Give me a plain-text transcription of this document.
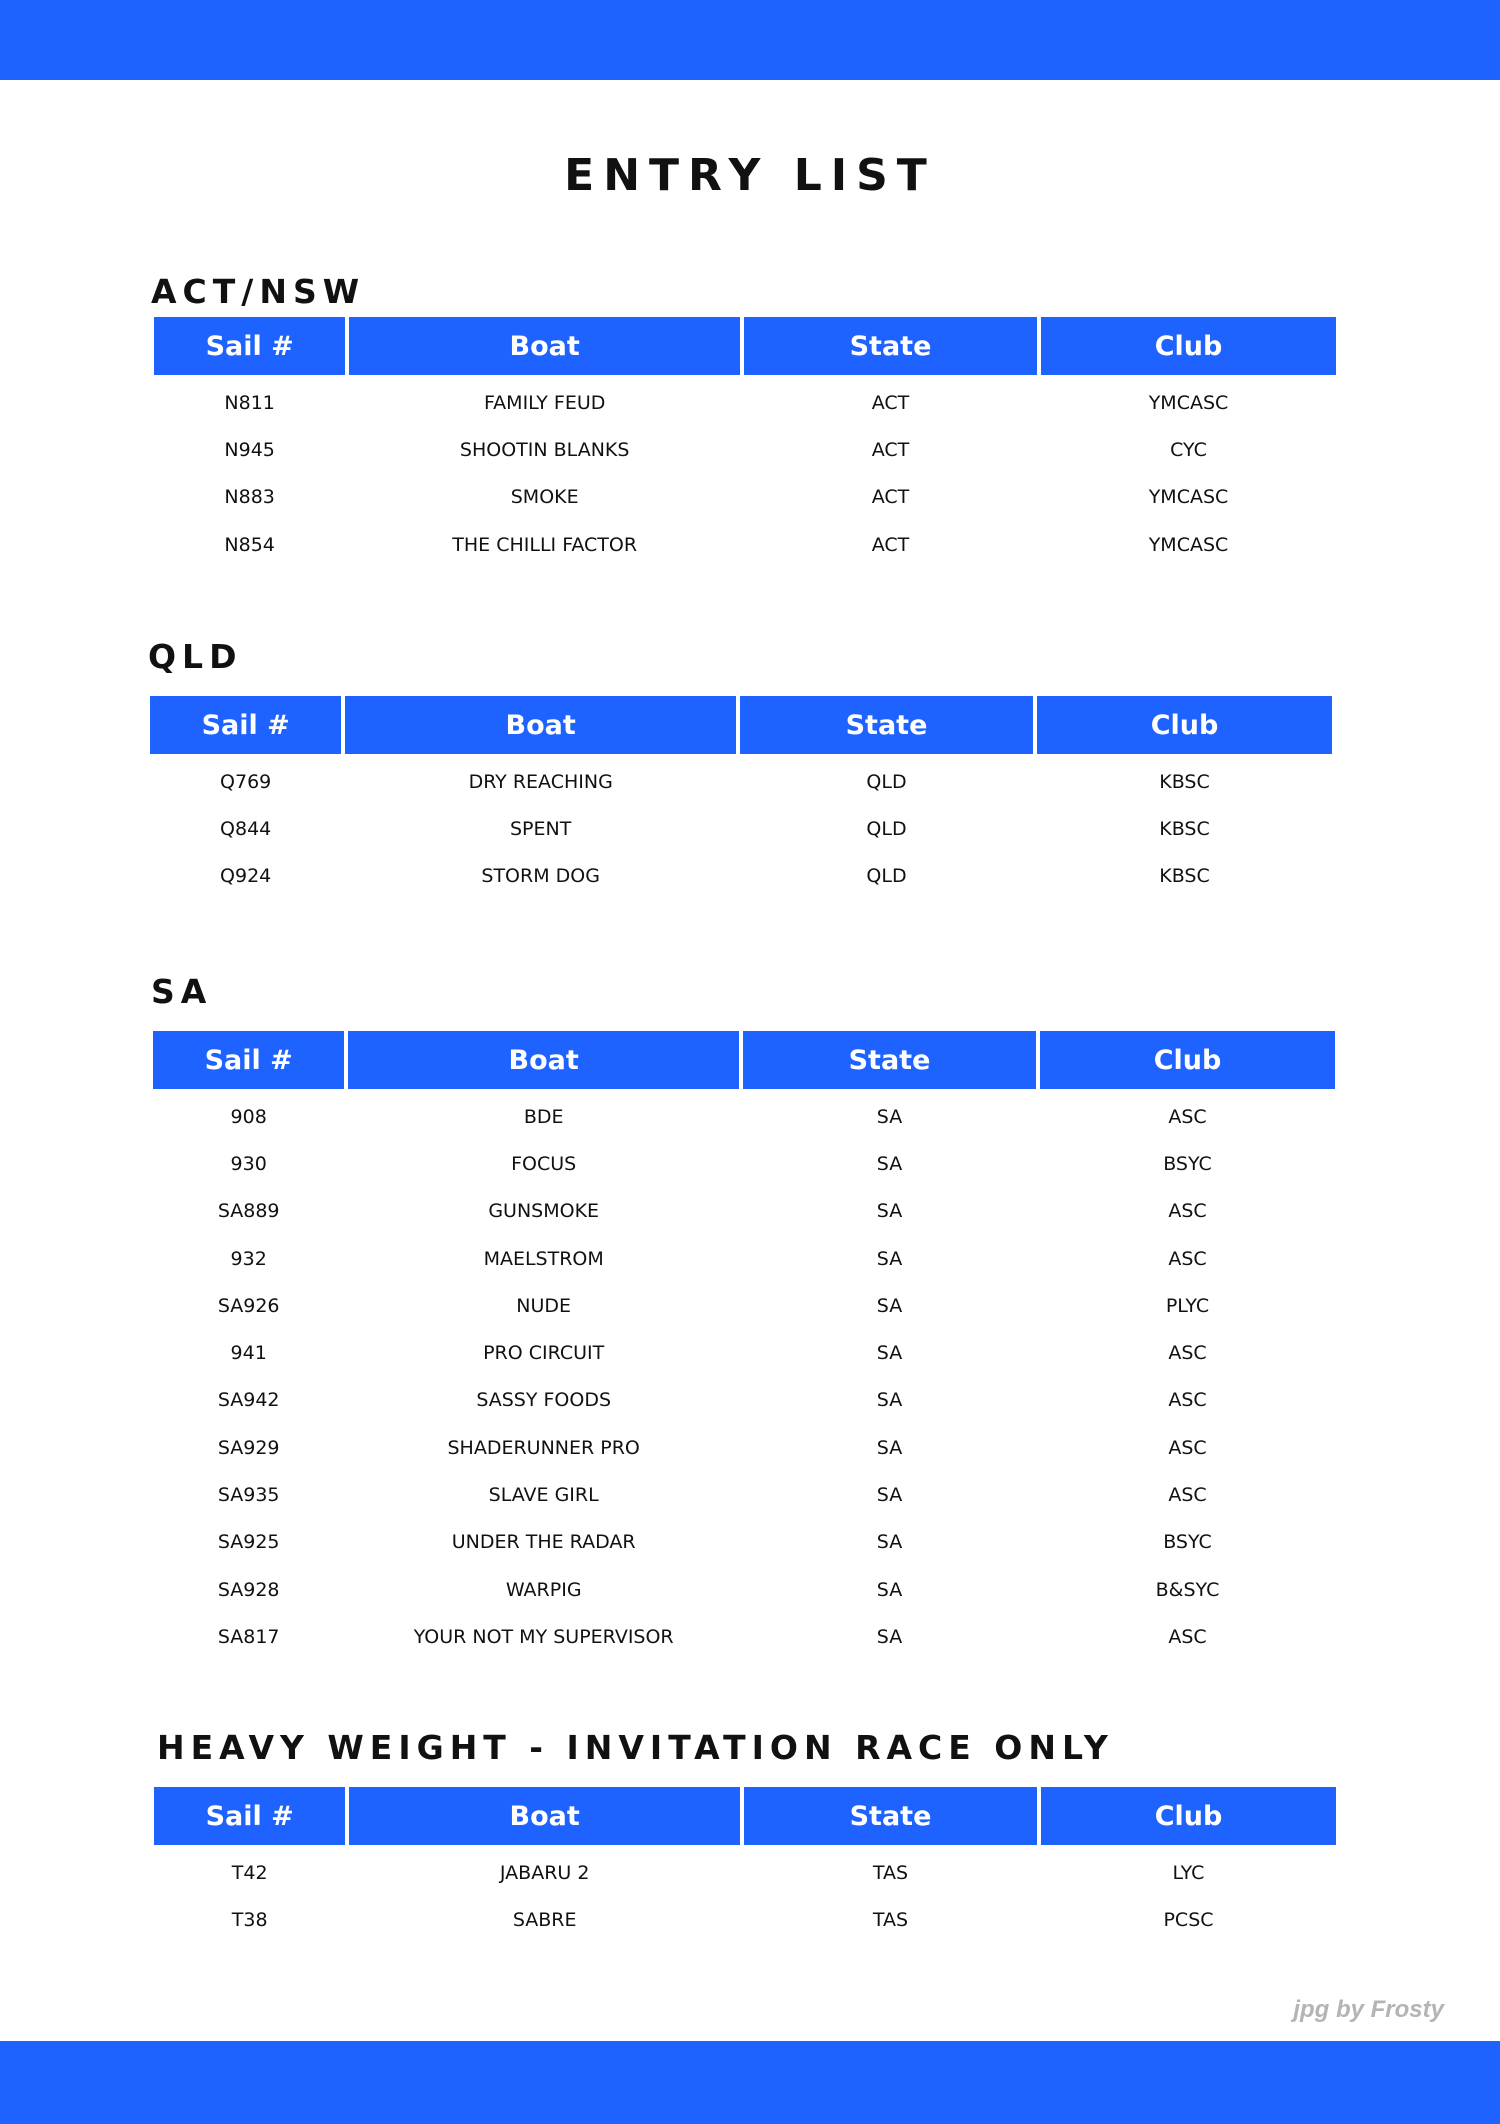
ENTRY LIST
ACT/NSW
Sail #	Boat	State	Club
N811	FAMILY FEUD	ACT	YMCASC
N945	SHOOTIN BLANKS	ACT	CYC
N883	SMOKE	ACT	YMCASC
N854	THE CHILLI FACTOR	ACT	YMCASC
QLD
Sail #	Boat	State	Club
Q769	DRY REACHING	QLD	KBSC
Q844	SPENT	QLD	KBSC
Q924	STORM DOG	QLD	KBSC
SA
Sail #	Boat	State	Club
908	BDE	SA	ASC
930	FOCUS	SA	BSYC
SA889	GUNSMOKE	SA	ASC
932	MAELSTROM	SA	ASC
SA926	NUDE	SA	PLYC
941	PRO CIRCUIT	SA	ASC
SA942	SASSY FOODS	SA	ASC
SA929	SHADERUNNER PRO	SA	ASC
SA935	SLAVE GIRL	SA	ASC
SA925	UNDER THE RADAR	SA	BSYC
SA928	WARPIG	SA	B&SYC
SA817	YOUR NOT MY SUPERVISOR	SA	ASC
HEAVY WEIGHT - INVITATION RACE ONLY
Sail #	Boat	State	Club
T42	JABARU 2	TAS	LYC
T38	SABRE	TAS	PCSC
jpg by Frosty
